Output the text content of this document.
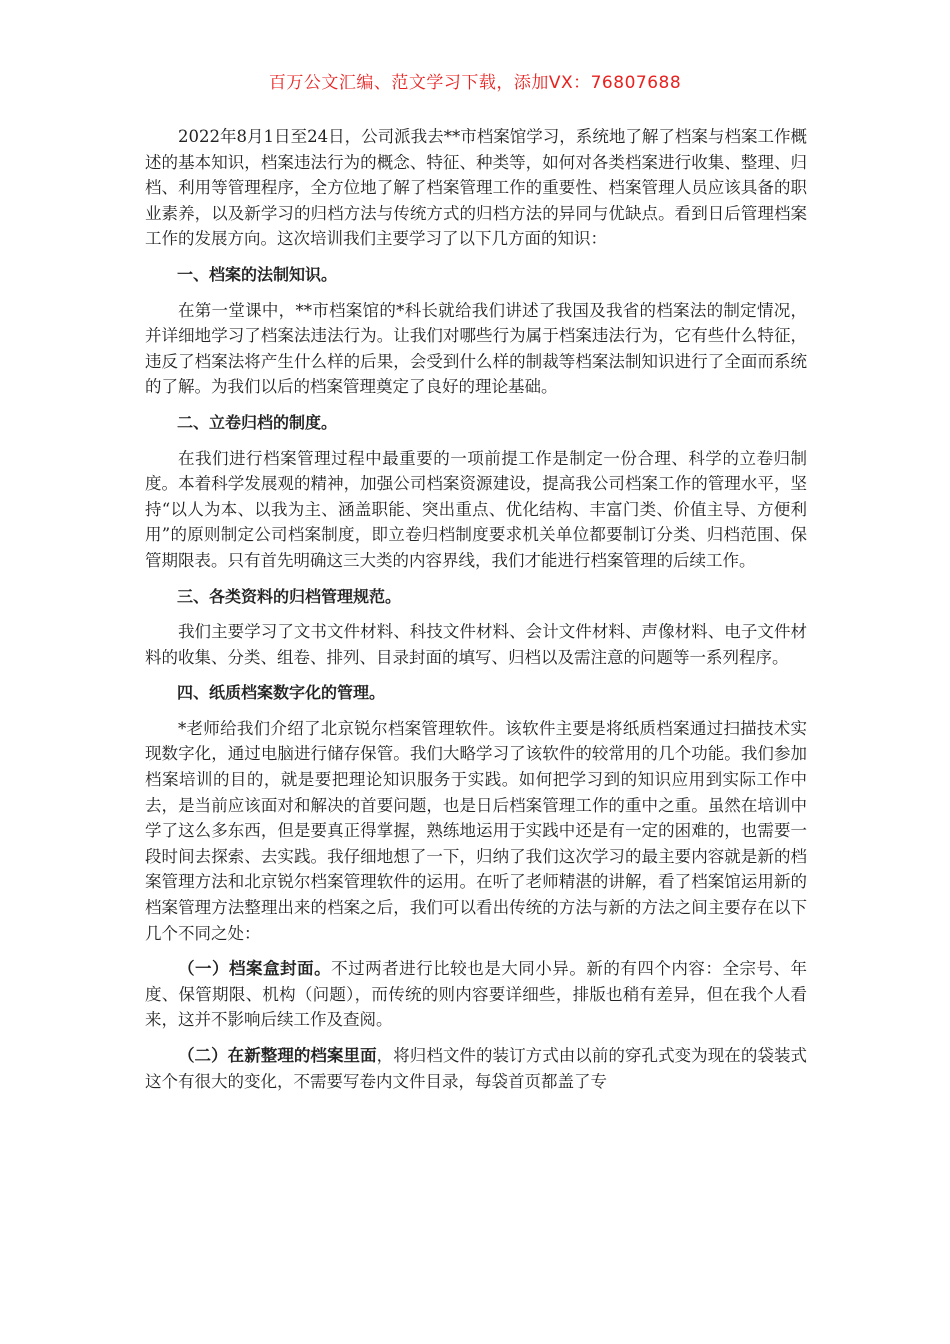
百万公文汇编、范文学习下载，添加VX：76807688

2022年8月1日至24日，公司派我去**市档案馆学习，系统地了解了档案与档案工作概述的基本知识，档案违法行为的概念、特征、种类等，如何对各类档案进行收集、整理、归档、利用等管理程序，全方位地了解了档案管理工作的重要性、档案管理人员应该具备的职业素养，以及新学习的归档方法与传统方式的归档方法的异同与优缺点。看到日后管理档案工作的发展方向。这次培训我们主要学习了以下几方面的知识：

一、档案的法制知识。

在第一堂课中，**市档案馆的*科长就给我们讲述了我国及我省的档案法的制定情况，并详细地学习了档案法违法行为。让我们对哪些行为属于档案违法行为，它有些什么特征，违反了档案法将产生什么样的后果，会受到什么样的制裁等档案法制知识进行了全面而系统的了解。为我们以后的档案管理奠定了良好的理论基础。

二、立卷归档的制度。

在我们进行档案管理过程中最重要的一项前提工作是制定一份合理、科学的立卷归制度。本着科学发展观的精神，加强公司档案资源建设，提高我公司档案工作的管理水平，坚持“以人为本、以我为主、涵盖职能、突出重点、优化结构、丰富门类、价值主导、方便利用”的原则制定公司档案制度，即立卷归档制度要求机关单位都要制订分类、归档范围、保管期限表。只有首先明确这三大类的内容界线，我们才能进行档案管理的后续工作。

三、各类资料的归档管理规范。

我们主要学习了文书文件材料、科技文件材料、会计文件材料、声像材料、电子文件材料的收集、分类、组卷、排列、目录封面的填写、归档以及需注意的问题等一系列程序。

四、纸质档案数字化的管理。

*老师给我们介绍了北京锐尔档案管理软件。该软件主要是将纸质档案通过扫描技术实现数字化，通过电脑进行储存保管。我们大略学习了该软件的较常用的几个功能。我们参加档案培训的目的，就是要把理论知识服务于实践。如何把学习到的知识应用到实际工作中去，是当前应该面对和解决的首要问题，也是日后档案管理工作的重中之重。虽然在培训中学了这么多东西，但是要真正得掌握，熟练地运用于实践中还是有一定的困难的，也需要一段时间去探索、去实践。我仔细地想了一下，归纳了我们这次学习的最主要内容就是新的档案管理方法和北京锐尔档案管理软件的运用。在听了老师精湛的讲解，看了档案馆运用新的档案管理方法整理出来的档案之后，我们可以看出传统的方法与新的方法之间主要存在以下几个不同之处：

（一）档案盒封面。不过两者进行比较也是大同小异。新的有四个内容：全宗号、年度、保管期限、机构（问题），而传统的则内容要详细些，排版也稍有差异，但在我个人看来，这并不影响后续工作及查阅。

（二）在新整理的档案里面，将归档文件的装订方式由以前的穿孔式变为现在的袋装式这个有很大的变化，不需要写卷内文件目录，每袋首页都盖了专
